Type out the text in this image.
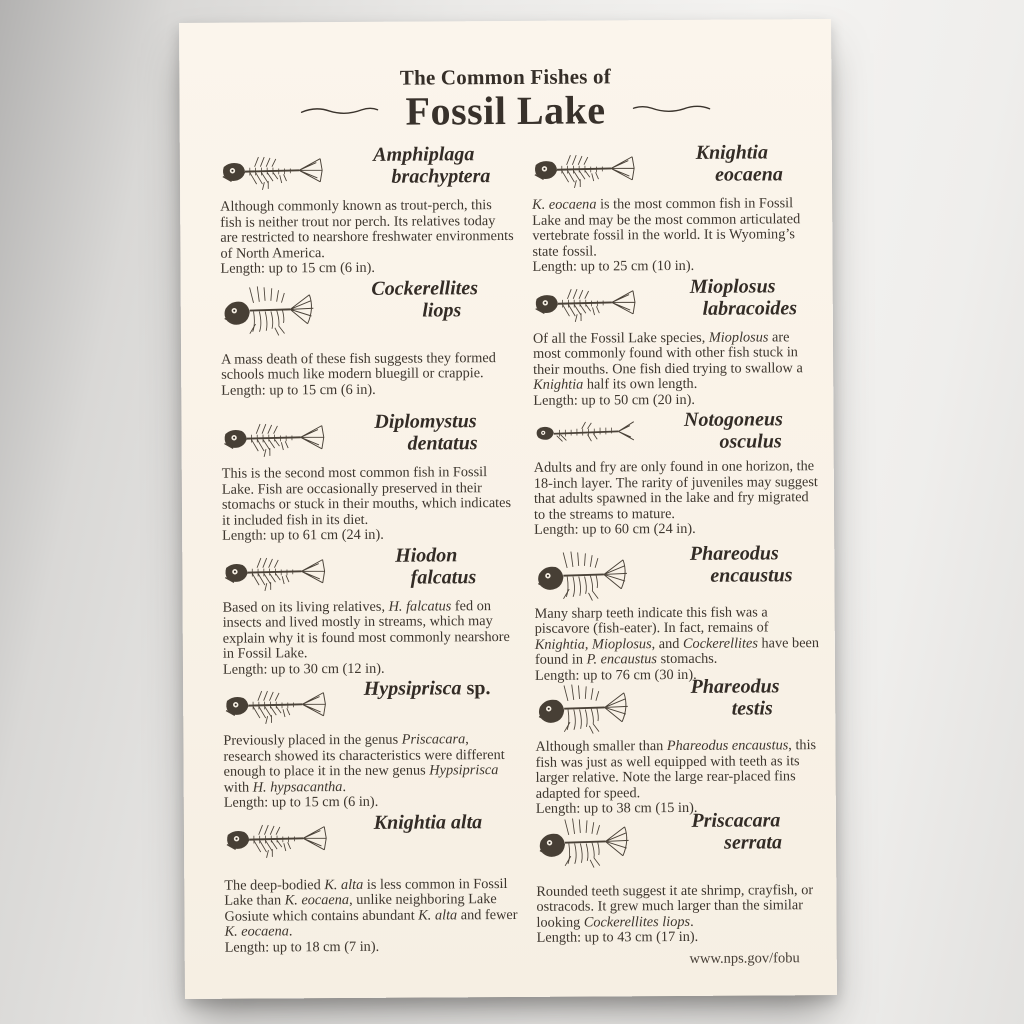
The Common Fishes of
Fossil Lake
Amphiplaga
brachyptera

Although commonly known as trout-perch, this fish is neither trout nor perch. Its relatives today are restricted to nearshore freshwater environments of North America.

Length: up to 15 cm (6 in).

Cockerellites
liops

A mass death of these fish suggests they formed schools much like modern bluegill or crappie.

Length: up to 15 cm (6 in).

Diplomystus
dentatus

This is the second most common fish in Fossil Lake. Fish are occasionally preserved in their stomachs or stuck in their mouths, which indicates it included fish in its diet.

Length: up to 61 cm (24 in).

Hiodon
falcatus

Based on its living relatives, H. falcatus fed on insects and lived mostly in streams, which may explain why it is found most commonly nearshore in Fossil Lake.

Length: up to 30 cm (12 in).

Hypsiprisca sp.

Previously placed in the genus Priscacara, research showed its characteristics were different enough to place it in the new genus Hypsiprisca with H. hypsacantha.

Length: up to 15 cm (6 in).

Knightia alta

The deep-bodied K. alta is less common in Fossil Lake than K. eocaena, unlike neighboring Lake Gosiute which contains abundant K. alta and fewer K. eocaena.

Length: up to 18 cm (7 in).

Knightia
eocaena

K. eocaena is the most common fish in Fossil Lake and may be the most common articulated vertebrate fossil in the world. It is Wyoming’s state fossil.

Length: up to 25 cm (10 in).

Mioplosus
labracoides

Of all the Fossil Lake species, Mioplosus are most commonly found with other fish stuck in their mouths. One fish died trying to swallow a Knightia half its own length.

Length: up to 50 cm (20 in).

Notogoneus
osculus

Adults and fry are only found in one horizon, the 18-inch layer. The rarity of juveniles may suggest that adults spawned in the lake and fry migrated to the streams to mature.

Length: up to 60 cm (24 in).

Phareodus
encaustus

Many sharp teeth indicate this fish was a piscavore (fish-eater). In fact, remains of Knightia, Mioplosus, and Cockerellites have been found in P. encaustus stomachs.

Length: up to 76 cm (30 in).

Phareodus
testis

Although smaller than Phareodus encaustus, this fish was just as well equipped with teeth as its larger relative. Note the large rear-placed fins adapted for speed.

Length: up to 38 cm (15 in).

Priscacara
serrata

Rounded teeth suggest it ate shrimp, crayfish, or ostracods. It grew much larger than the similar looking Cockerellites liops.

Length: up to 43 cm (17 in).

www.nps.gov/fobu
